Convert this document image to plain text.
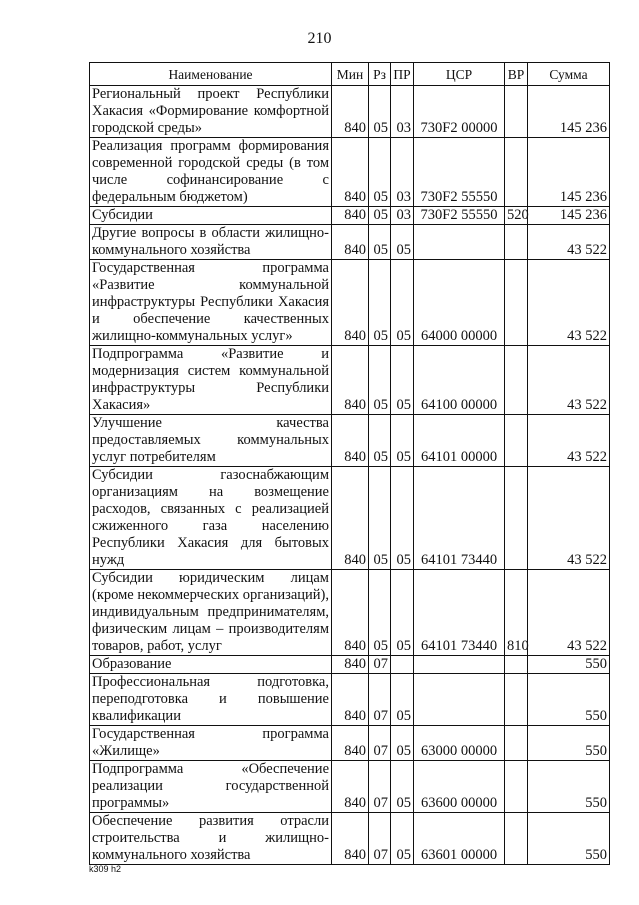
210
Наименование	Мин	Рз	ПР	ЦСР	ВР	Сумма
Региональный проект Республики Хакасия «Формирование комфортной городской среды»	840	05	03	730F2 00000		145 236
Реализация программ формирования современной городской среды (в том числе софинансирование с федеральным бюджетом)	840	05	03	730F2 55550		145 236
Субсидии	840	05	03	730F2 55550	520	145 236
Другие вопросы в области жилищно-коммунального хозяйства	840	05	05			43 522
Государственная программа «Развитие коммунальной инфраструктуры Республики Хакасия и обеспечение качественных жилищно-коммунальных услуг»	840	05	05	64000 00000		43 522
Подпрограмма «Развитие и модернизация систем коммунальной инфраструктуры Республики Хакасия»	840	05	05	64100 00000		43 522
Улучшение качества предоставляемых коммунальных услуг потребителям	840	05	05	64101 00000		43 522
Субсидии газоснабжающим организациям на возмещение расходов, связанных с реализацией сжиженного газа населению Республики Хакасия для бытовых нужд	840	05	05	64101 73440		43 522
Субсидии юридическим лицам (кроме некоммерческих организаций), индивидуальным предпринимателям, физическим лицам – производителям товаров, работ, услуг	840	05	05	64101 73440	810	43 522
Образование	840	07				550
Профессиональная подготовка, переподготовка и повышение квалификации	840	07	05			550
Государственная программа «Жилище»	840	07	05	63000 00000		550
Подпрограмма «Обеспечение реализации государственной программы»	840	07	05	63600 00000		550
Обеспечение развития отрасли строительства и жилищно-коммунального хозяйства	840	07	05	63601 00000		550
k309 h2
